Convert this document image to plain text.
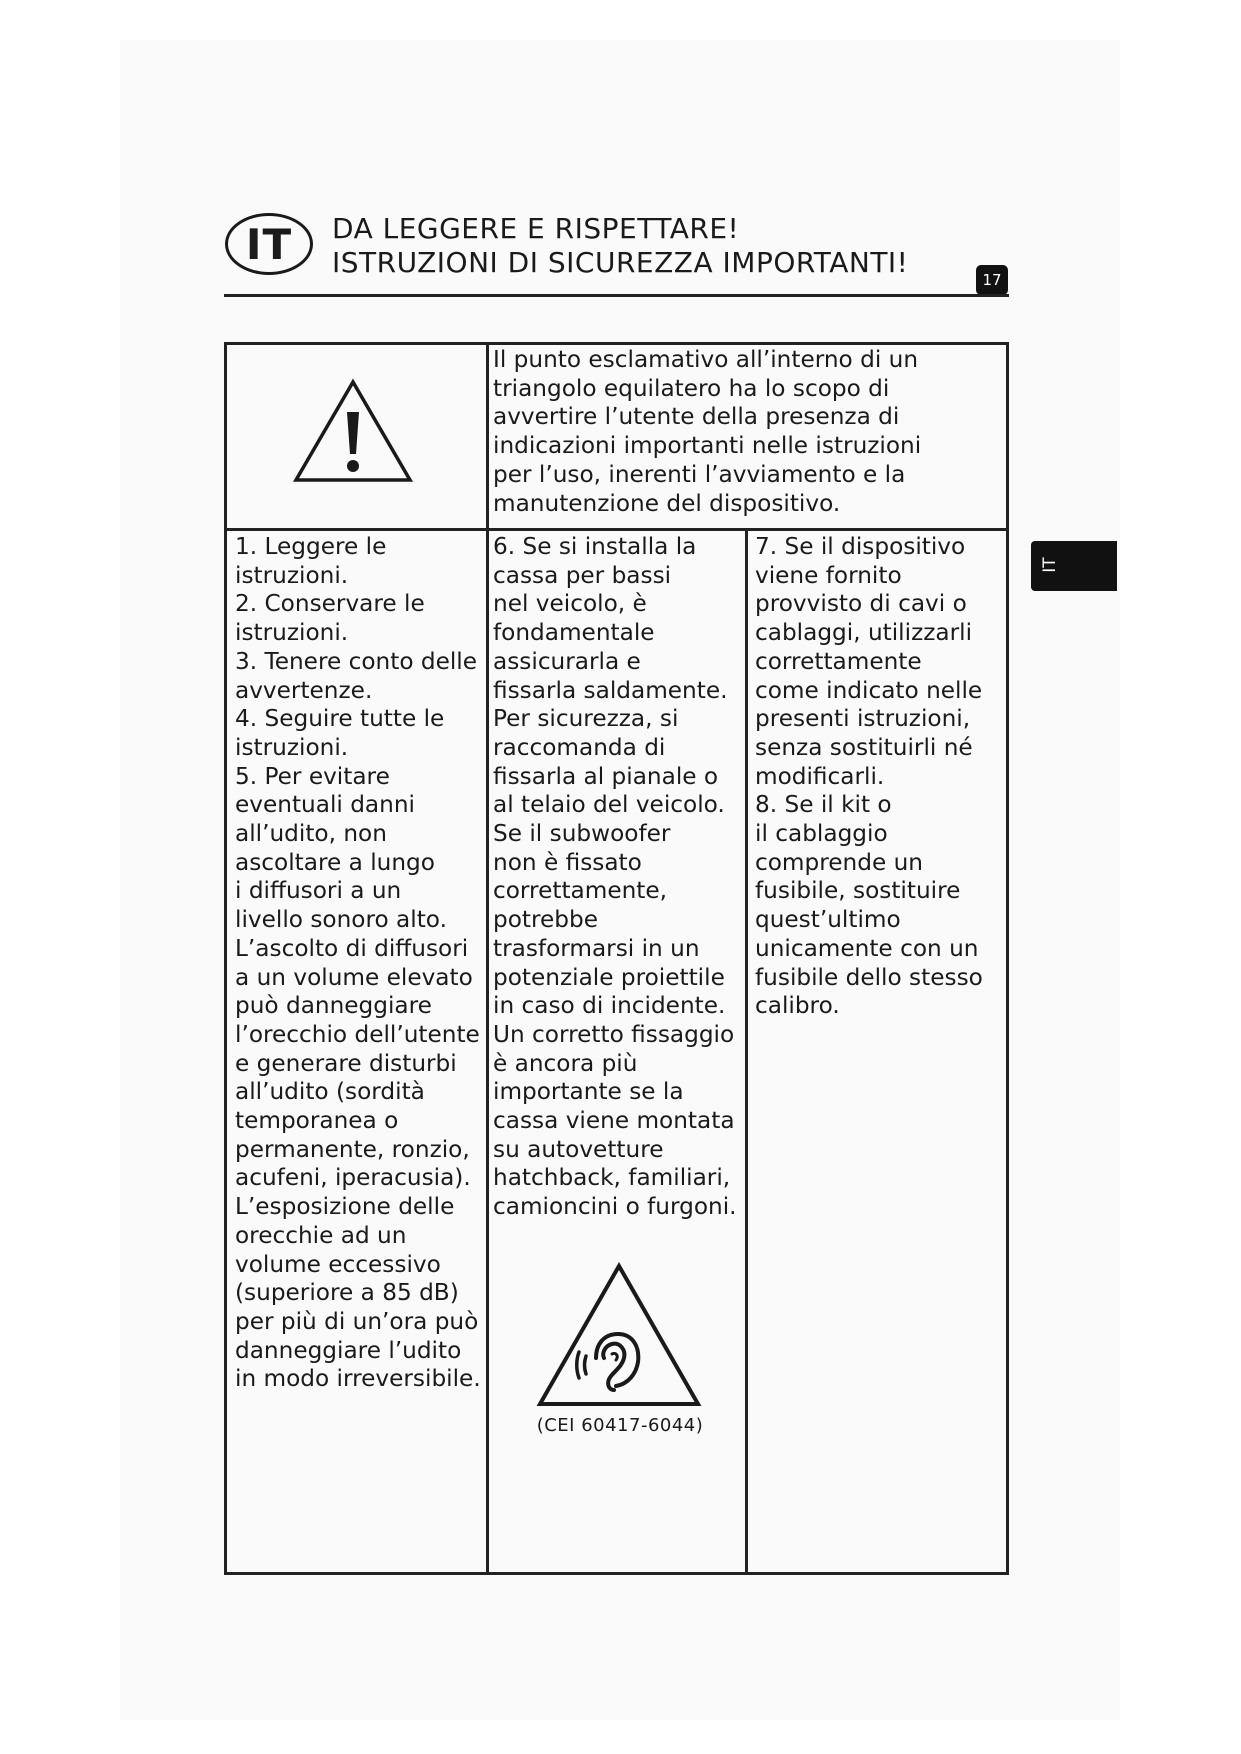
IT	DA LEGGERE E RISPETTARE!
ISTRUZIONI DI SICUREZZA IMPORTANTI!
17
IT
Il punto esclamativo all’interno di un
triangolo equilatero ha lo scopo di
avvertire l’utente della presenza di
indicazioni importanti nelle istruzioni
per l’uso, inerenti l’avviamento e la
manutenzione del dispositivo.
1. Leggere le
istruzioni.
2. Conservare le
istruzioni.
3. Tenere conto delle
avvertenze.
4. Seguire tutte le
istruzioni.
5. Per evitare
eventuali danni
all’udito, non
ascoltare a lungo
i diffusori a un
livello sonoro alto.
L’ascolto di diffusori
a un volume elevato
può danneggiare
l’orecchio dell’utente
e generare disturbi
all’udito (sordità
temporanea o
permanente, ronzio,
acufeni, iperacusia).
L’esposizione delle
orecchie ad un
volume eccessivo
(superiore a 85 dB)
per più di un’ora può
danneggiare l’udito
in modo irreversibile.
6. Se si installa la
cassa per bassi
nel veicolo, è
fondamentale
assicurarla e
fissarla saldamente.
Per sicurezza, si
raccomanda di
fissarla al pianale o
al telaio del veicolo.
Se il subwoofer
non è fissato
correttamente,
potrebbe
trasformarsi in un
potenziale proiettile
in caso di incidente.
Un corretto fissaggio
è ancora più
importante se la
cassa viene montata
su autovetture
hatchback, familiari,
camioncini o furgoni.
7. Se il dispositivo
viene fornito
provvisto di cavi o
cablaggi, utilizzarli
correttamente
come indicato nelle
presenti istruzioni,
senza sostituirli né
modificarli.
8. Se il kit o
il cablaggio
comprende un
fusibile, sostituire
quest’ultimo
unicamente con un
fusibile dello stesso
calibro.
(CEI 60417-6044)
